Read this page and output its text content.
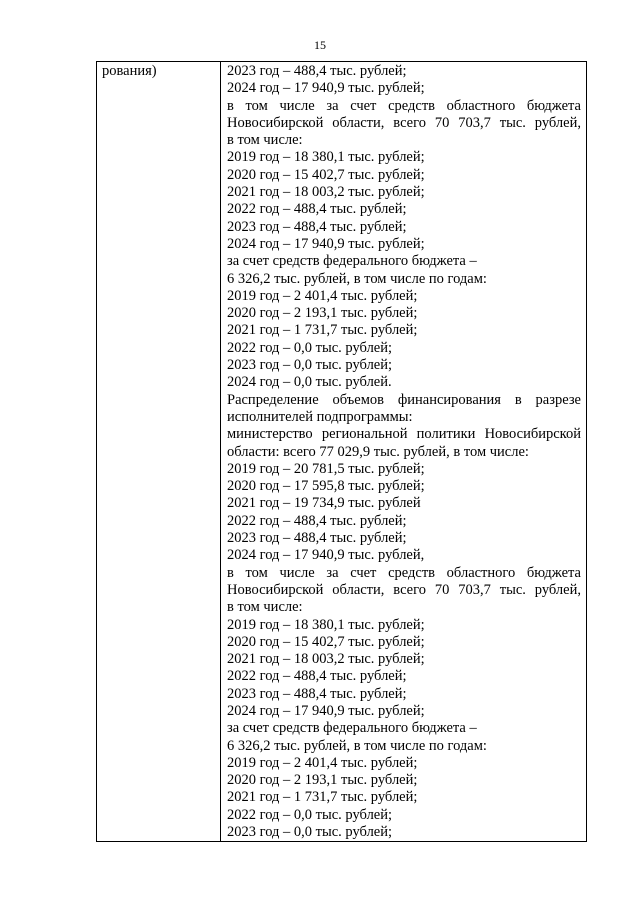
15
рования)	2023 год – 488,4 тыс. рублей;
2024 год – 17 940,9 тыс. рублей;
в том числе за счет средств областного бюджета
Новосибирской области, всего 70 703,7 тыс. рублей,
в том числе:
2019 год – 18 380,1 тыс. рублей;
2020 год – 15 402,7 тыс. рублей;
2021 год – 18 003,2 тыс. рублей;
2022 год – 488,4 тыс. рублей;
2023 год – 488,4 тыс. рублей;
2024 год – 17 940,9 тыс. рублей;
за счет средств федерального бюджета –
6 326,2 тыс. рублей, в том числе по годам:
2019 год – 2 401,4 тыс. рублей;
2020 год – 2 193,1 тыс. рублей;
2021 год – 1 731,7 тыс. рублей;
2022 год – 0,0 тыс. рублей;
2023 год – 0,0 тыс. рублей;
2024 год – 0,0 тыс. рублей.
Распределение объемов финансирования в разрезе
исполнителей подпрограммы:
министерство региональной политики Новосибирской
области: всего 77 029,9 тыс. рублей, в том числе:
2019 год – 20 781,5 тыс. рублей;
2020 год – 17 595,8 тыс. рублей;
2021 год – 19 734,9 тыс. рублей
2022 год – 488,4 тыс. рублей;
2023 год – 488,4 тыс. рублей;
2024 год – 17 940,9 тыс. рублей,
в том числе за счет средств областного бюджета
Новосибирской области, всего 70 703,7 тыс. рублей,
в том числе:
2019 год – 18 380,1 тыс. рублей;
2020 год – 15 402,7 тыс. рублей;
2021 год – 18 003,2 тыс. рублей;
2022 год – 488,4 тыс. рублей;
2023 год – 488,4 тыс. рублей;
2024 год – 17 940,9 тыс. рублей;
за счет средств федерального бюджета –
6 326,2 тыс. рублей, в том числе по годам:
2019 год – 2 401,4 тыс. рублей;
2020 год – 2 193,1 тыс. рублей;
2021 год – 1 731,7 тыс. рублей;
2022 год – 0,0 тыс. рублей;
2023 год – 0,0 тыс. рублей;
